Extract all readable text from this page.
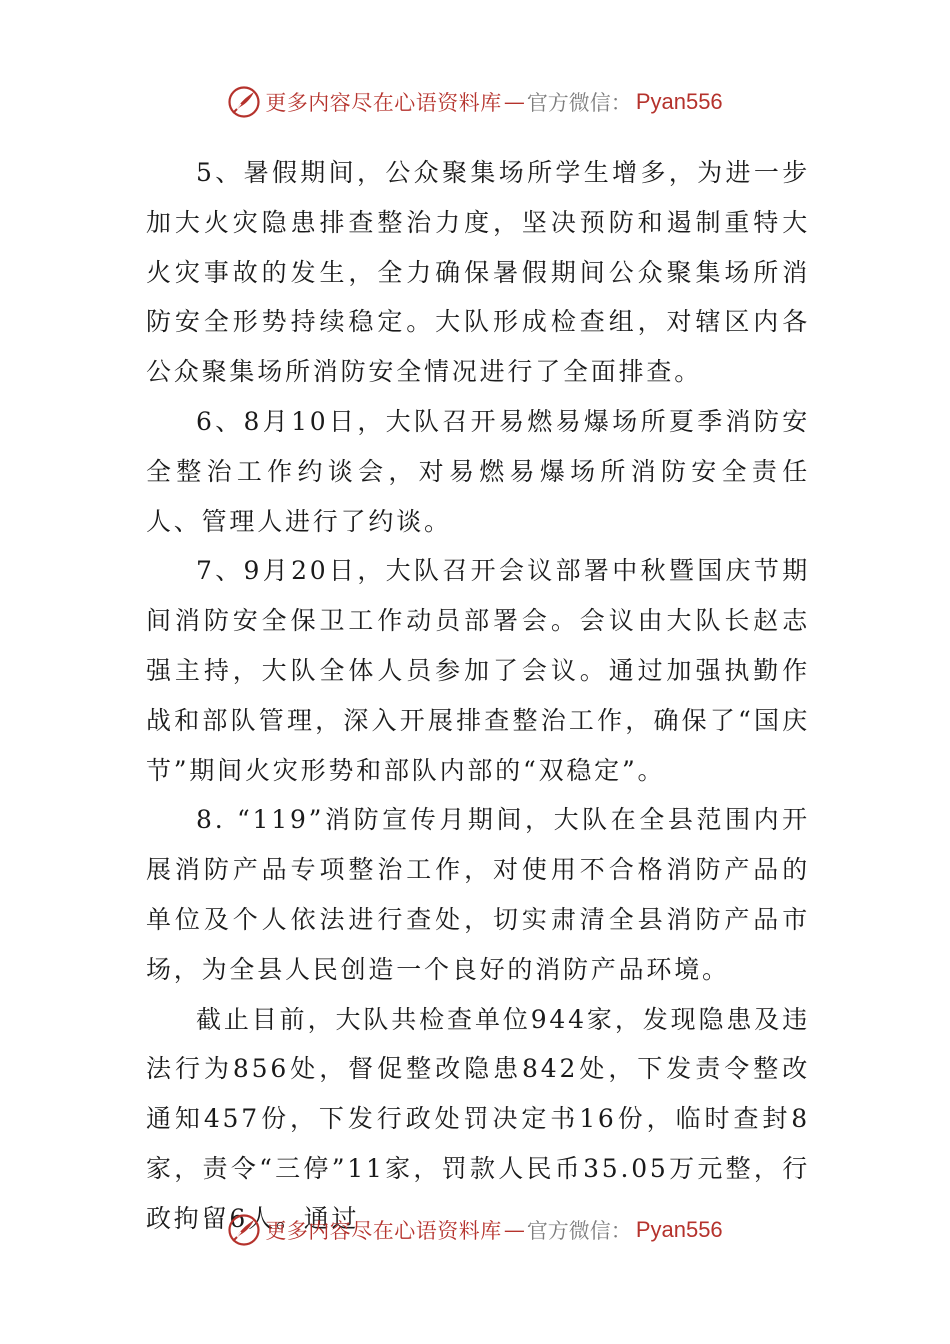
更多内容尽在心语资料库 — 官方微信： Pyan556

5、暑假期间，公众聚集场所学生增多，为进一步加大火灾隐患排查整治力度，坚决预防和遏制重特大火灾事故的发生，全力确保暑假期间公众聚集场所消防安全形势持续稳定。大队形成检查组，对辖区内各公众聚集场所消防安全情况进行了全面排查。

6、8月10日，大队召开易燃易爆场所夏季消防安全整治工作约谈会，对易燃易爆场所消防安全责任人、管理人进行了约谈。

7、9月20日，大队召开会议部署中秋暨国庆节期间消防安全保卫工作动员部署会。会议由大队长赵志强主持，大队全体人员参加了会议。通过加强执勤作战和部队管理，深入开展排查整治工作，确保了“国庆节”期间火灾形势和部队内部的“双稳定”。

8. “119”消防宣传月期间，大队在全县范围内开展消防产品专项整治工作，对使用不合格消防产品的单位及个人依法进行查处，切实肃清全县消防产品市场，为全县人民创造一个良好的消防产品环境。

截止目前，大队共检查单位944家，发现隐患及违法行为856处，督促整改隐患842处，下发责令整改通知457份，下发行政处罚决定书16份，临时查封8家，责令“三停”11家，罚款人民币35.05万元整，行政拘留6人。通过

更多内容尽在心语资料库 — 官方微信： Pyan556
